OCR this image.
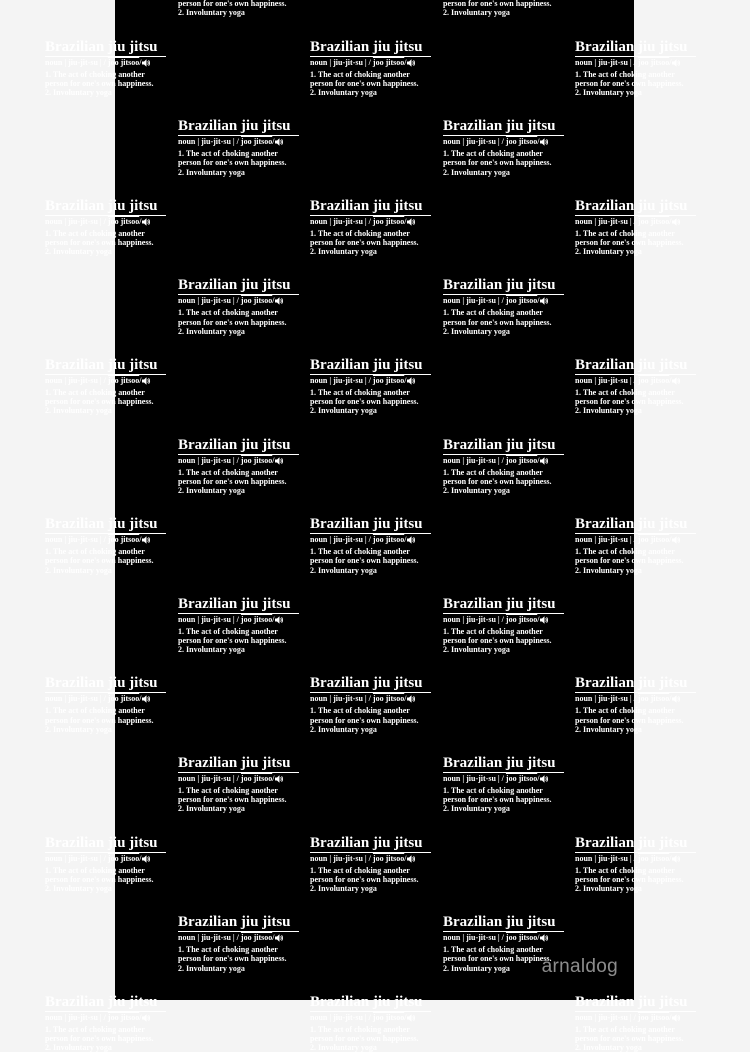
person for one's own happiness.

2. Involuntary yoga

person for one's own happiness.

2. Involuntary yoga

Brazilian jiu jitsu
noun | jiu-jit-su | / joo jitsoo /

1. The act of choking another person for one's own happiness.

2. Involuntary yoga

Brazilian jiu jitsu
noun | jiu-jit-su | / joo jitsoo /

1. The act of choking another person for one's own happiness.

2. Involuntary yoga

Brazilian jiu jitsu
noun | jiu-jit-su | / joo jitsoo /

1. The act of choking another person for one's own happiness.

2. Involuntary yoga

Brazilian jiu jitsu
noun | jiu-jit-su | / joo jitsoo /

1. The act of choking another person for one's own happiness.

2. Involuntary yoga

Brazilian jiu jitsu
noun | jiu-jit-su | / joo jitsoo /

1. The act of choking another person for one's own happiness.

2. Involuntary yoga

Brazilian jiu jitsu
noun | jiu-jit-su | / joo jitsoo /

1. The act of choking another person for one's own happiness.

2. Involuntary yoga

Brazilian jiu jitsu
noun | jiu-jit-su | / joo jitsoo /

1. The act of choking another person for one's own happiness.

2. Involuntary yoga

Brazilian jiu jitsu
noun | jiu-jit-su | / joo jitsoo /

1. The act of choking another person for one's own happiness.

2. Involuntary yoga

Brazilian jiu jitsu
noun | jiu-jit-su | / joo jitsoo /

1. The act of choking another person for one's own happiness.

2. Involuntary yoga

Brazilian jiu jitsu
noun | jiu-jit-su | / joo jitsoo /

1. The act of choking another person for one's own happiness.

2. Involuntary yoga

Brazilian jiu jitsu
noun | jiu-jit-su | / joo jitsoo /

1. The act of choking another person for one's own happiness.

2. Involuntary yoga

Brazilian jiu jitsu
noun | jiu-jit-su | / joo jitsoo /

1. The act of choking another person for one's own happiness.

2. Involuntary yoga

Brazilian jiu jitsu
noun | jiu-jit-su | / joo jitsoo /

1. The act of choking another person for one's own happiness.

2. Involuntary yoga

Brazilian jiu jitsu
noun | jiu-jit-su | / joo jitsoo /

1. The act of choking another person for one's own happiness.

2. Involuntary yoga

Brazilian jiu jitsu
noun | jiu-jit-su | / joo jitsoo /

1. The act of choking another person for one's own happiness.

2. Involuntary yoga

Brazilian jiu jitsu
noun | jiu-jit-su | / joo jitsoo /

1. The act of choking another person for one's own happiness.

2. Involuntary yoga

Brazilian jiu jitsu
noun | jiu-jit-su | / joo jitsoo /

1. The act of choking another person for one's own happiness.

2. Involuntary yoga

Brazilian jiu jitsu
noun | jiu-jit-su | / joo jitsoo /

1. The act of choking another person for one's own happiness.

2. Involuntary yoga

Brazilian jiu jitsu
noun | jiu-jit-su | / joo jitsoo /

1. The act of choking another person for one's own happiness.

2. Involuntary yoga

Brazilian jiu jitsu
noun | jiu-jit-su | / joo jitsoo /

1. The act of choking another person for one's own happiness.

2. Involuntary yoga

Brazilian jiu jitsu
noun | jiu-jit-su | / joo jitsoo /

1. The act of choking another person for one's own happiness.

2. Involuntary yoga

Brazilian jiu jitsu
noun | jiu-jit-su | / joo jitsoo /

1. The act of choking another person for one's own happiness.

2. Involuntary yoga

Brazilian jiu jitsu
noun | jiu-jit-su | / joo jitsoo /

1. The act of choking another person for one's own happiness.

2. Involuntary yoga

Brazilian jiu jitsu
noun | jiu-jit-su | / joo jitsoo /

1. The act of choking another person for one's own happiness.

2. Involuntary yoga

Brazilian jiu jitsu
noun | jiu-jit-su | / joo jitsoo /

1. The act of choking another person for one's own happiness.

2. Involuntary yoga

Brazilian jiu jitsu
noun | jiu-jit-su | / joo jitsoo /

1. The act of choking another person for one's own happiness.

2. Involuntary yoga

Brazilian jiu jitsu
noun | jiu-jit-su | / joo jitsoo /

1. The act of choking another person for one's own happiness.

2. Involuntary yoga

Brazilian jiu jitsu
noun | jiu-jit-su | / joo jitsoo /

1. The act of choking another person for one's own happiness.

2. Involuntary yoga

Brazilian jiu jitsu
noun | jiu-jit-su | / joo jitsoo /

1. The act of choking another person for one's own happiness.

2. Involuntary yoga

Brazilian jiu jitsu
noun | jiu-jit-su | / joo jitsoo /

1. The act of choking another person for one's own happiness.

2. Involuntary yoga

Brazilian jiu jitsu
noun | jiu-jit-su | / joo jitsoo /

1. The act of choking another person for one's own happiness.

2. Involuntary yoga

Brazilian jiu jitsu
noun | jiu-jit-su | / joo jitsoo /

1. The act of choking another person for one's own happiness.

2. Involuntary yoga

Brazilian jiu jitsu
noun | jiu-jit-su | / joo jitsoo /

1. The act of choking another person for one's own happiness.

2. Involuntary yoga

arnaldog
